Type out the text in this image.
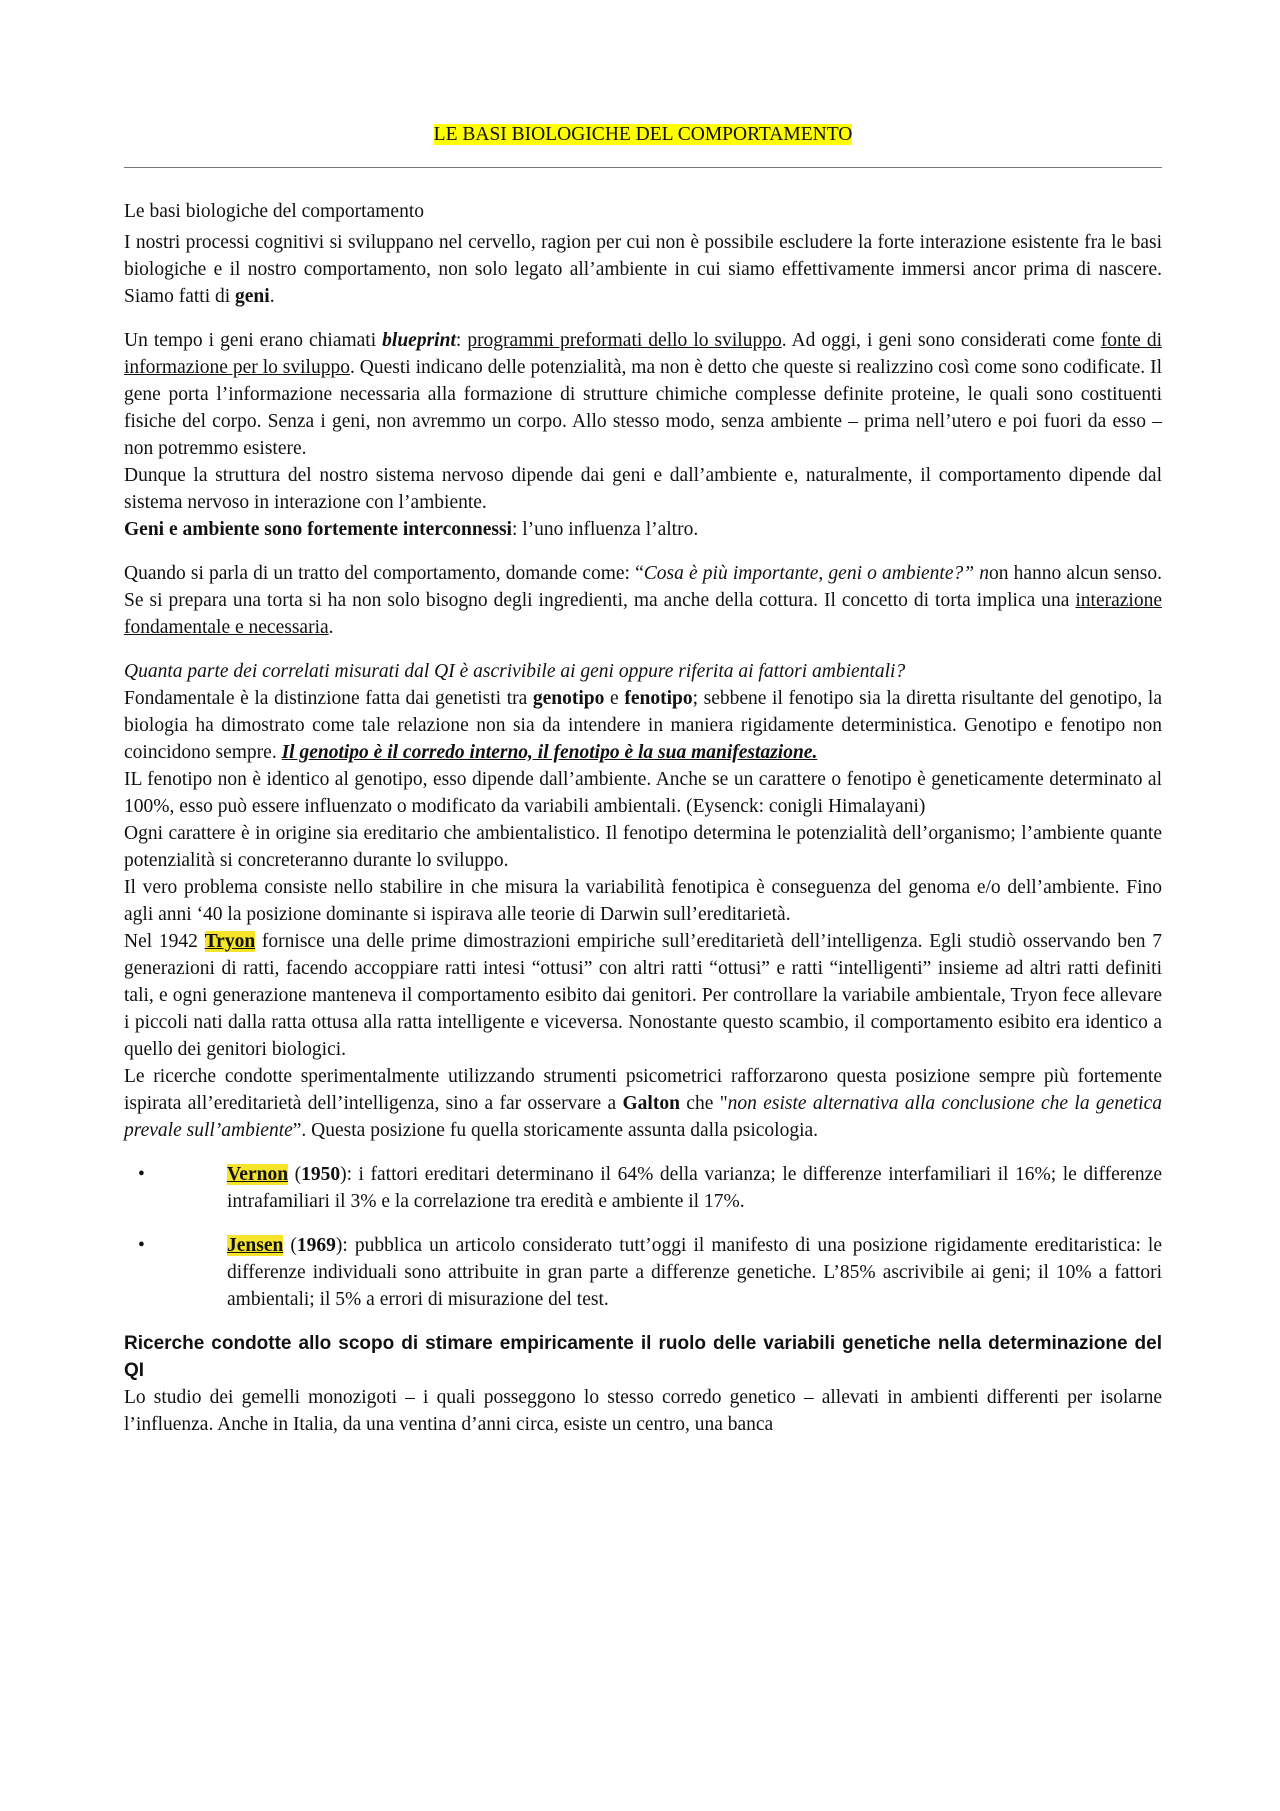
LE BASI BIOLOGICHE DEL COMPORTAMENTO

Le basi biologiche del comportamento

I nostri processi cognitivi si sviluppano nel cervello, ragion per cui non è possibile escludere la forte interazione esistente fra le basi biologiche e il nostro comportamento, non solo legato all’ambiente in cui siamo effettivamente immersi ancor prima di nascere. Siamo fatti di geni.

Un tempo i geni erano chiamati blueprint: programmi preformati dello lo sviluppo. Ad oggi, i geni sono considerati come fonte di informazione per lo sviluppo. Questi indicano delle potenzialità, ma non è detto che queste si realizzino così come sono codificate. Il gene porta l’informazione necessaria alla formazione di strutture chimiche complesse definite proteine, le quali sono costituenti fisiche del corpo. Senza i geni, non avremmo un corpo. Allo stesso modo, senza ambiente – prima nell’utero e poi fuori da esso – non potremmo esistere.

Dunque la struttura del nostro sistema nervoso dipende dai geni e dall’ambiente e, naturalmente, il comportamento dipende dal sistema nervoso in interazione con l’ambiente.

Geni e ambiente sono fortemente interconnessi: l’uno influenza l’altro.

Quando si parla di un tratto del comportamento, domande come: “Cosa è più importante, geni o ambiente?” non hanno alcun senso. Se si prepara una torta si ha non solo bisogno degli ingredienti, ma anche della cottura. Il concetto di torta implica una interazione fondamentale e necessaria.

Quanta parte dei correlati misurati dal QI è ascrivibile ai geni oppure riferita ai fattori ambientali?

Fondamentale è la distinzione fatta dai genetisti tra genotipo e fenotipo; sebbene il fenotipo sia la diretta risultante del genotipo, la biologia ha dimostrato come tale relazione non sia da intendere in maniera rigidamente deterministica. Genotipo e fenotipo non coincidono sempre. Il genotipo è il corredo interno, il fenotipo è la sua manifestazione.

IL fenotipo non è identico al genotipo, esso dipende dall’ambiente. Anche se un carattere o fenotipo è geneticamente determinato al 100%, esso può essere influenzato o modificato da variabili ambientali. (Eysenck: conigli Himalayani)

Ogni carattere è in origine sia ereditario che ambientalistico. Il fenotipo determina le potenzialità dell’organismo; l’ambiente quante potenzialità si concreteranno durante lo sviluppo.

Il vero problema consiste nello stabilire in che misura la variabilità fenotipica è conseguenza del genoma e/o dell’ambiente. Fino agli anni ‘40 la posizione dominante si ispirava alle teorie di Darwin sull’ereditarietà.

Nel 1942 Tryon fornisce una delle prime dimostrazioni empiriche sull’ereditarietà dell’intelligenza. Egli studiò osservando ben 7 generazioni di ratti, facendo accoppiare ratti intesi “ottusi” con altri ratti “ottusi” e ratti “intelligenti” insieme ad altri ratti definiti tali, e ogni generazione manteneva il comportamento esibito dai genitori. Per controllare la variabile ambientale, Tryon fece allevare i piccoli nati dalla ratta ottusa alla ratta intelligente e viceversa. Nonostante questo scambio, il comportamento esibito era identico a quello dei genitori biologici.

Le ricerche condotte sperimentalmente utilizzando strumenti psicometrici rafforzarono questa posizione sempre più fortemente ispirata all’ereditarietà dell’intelligenza, sino a far osservare a Galton che "non esiste alternativa alla conclusione che la genetica prevale sull’ambiente”. Questa posizione fu quella storicamente assunta dalla psicologia.

•	Vernon (1950): i fattori ereditari determinano il 64% della varianza; le differenze interfamiliari il 16%; le differenze intrafamiliari il 3% e la correlazione tra eredità e ambiente il 17%.
•	Jensen (1969): pubblica un articolo considerato tutt’oggi il manifesto di una posizione rigidamente ereditaristica: le differenze individuali sono attribuite in gran parte a differenze genetiche. L’85% ascrivibile ai geni; il 10% a fattori ambientali; il 5% a errori di misurazione del test.

Ricerche condotte allo scopo di stimare empiricamente il ruolo delle variabili genetiche nella determinazione del QI

Lo studio dei gemelli monozigoti – i quali posseggono lo stesso corredo genetico – allevati in ambienti differenti per isolarne l’influenza. Anche in Italia, da una ventina d’anni circa, esiste un centro, una banca
